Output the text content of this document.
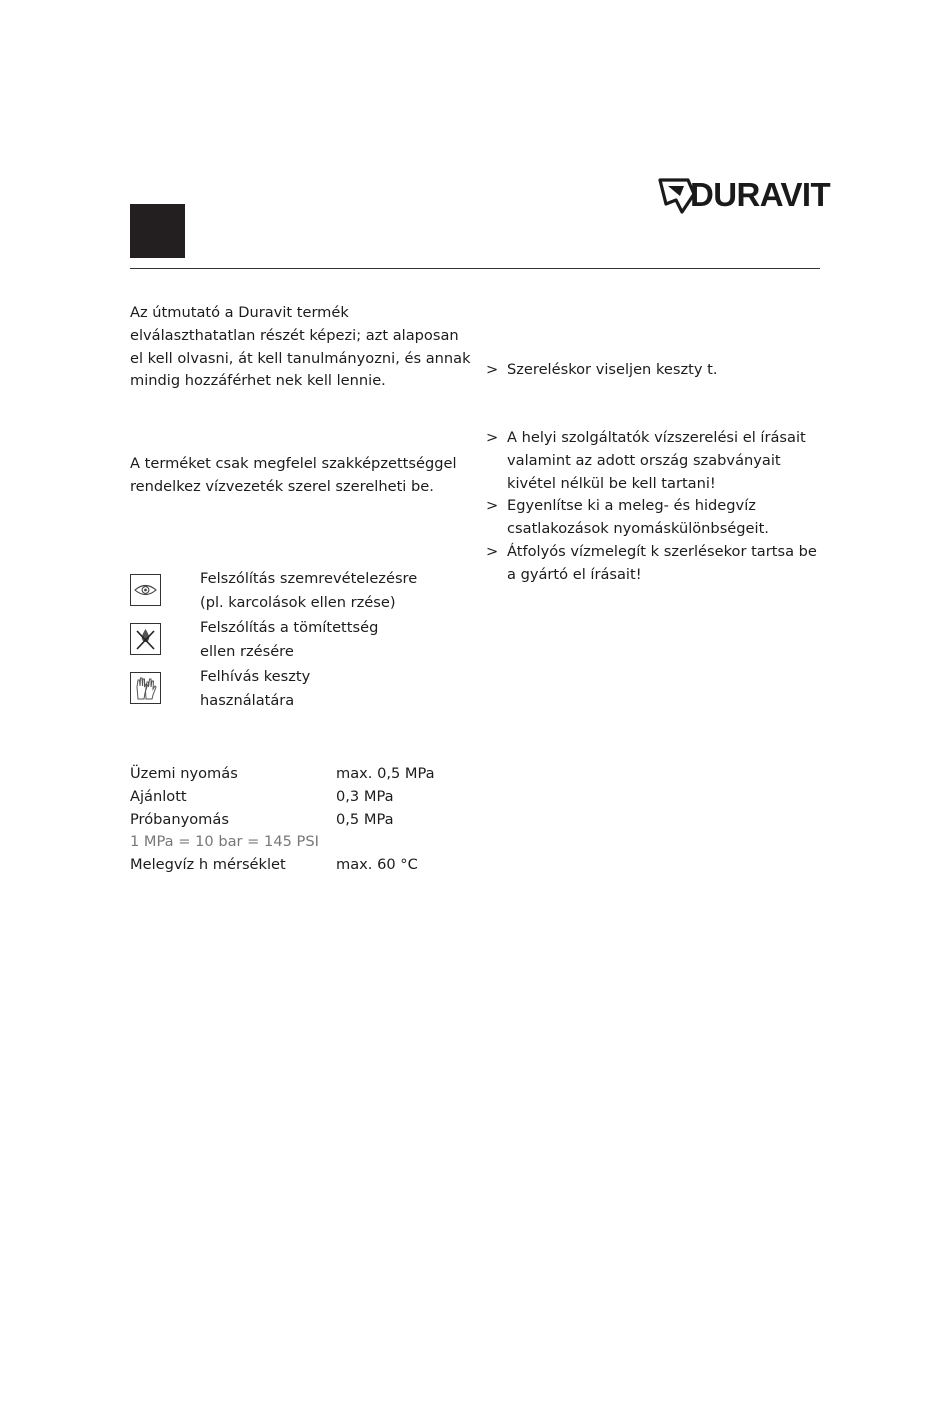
DURAVIT
Az útmutató a Duravit termék
elválaszthatatlan részét képezi; azt alaposan
el kell olvasni, át kell tanulmányozni, és annak
mindig hozzáférhet nek kell lennie.
A terméket csak megfelel szakképzettséggel
rendelkez vízvezeték szerel szerelheti be.
Felszólítás szemrevételezésre
(pl. karcolások ellen rzése)
Felszólítás a tömítettség
ellen rzésére
Felhívás keszty
használatára
Üzemi nyomás	max. 0,5 MPa
Ajánlott	0,3 MPa
Próbanyomás	0,5 MPa
1 MPa = 10 bar = 145 PSI
Melegvíz h mérséklet	max. 60 °C
> Szereléskor viseljen keszty t.
> A helyi szolgáltatók vízszerelési el írásait
valamint az adott ország szabványait
kivétel nélkül be kell tartani!
> Egyenlítse ki a meleg- és hidegvíz
csatlakozások nyomáskülönbségeit.
> Átfolyós vízmelegít k szerlésekor tartsa be
a gyártó el írásait!
